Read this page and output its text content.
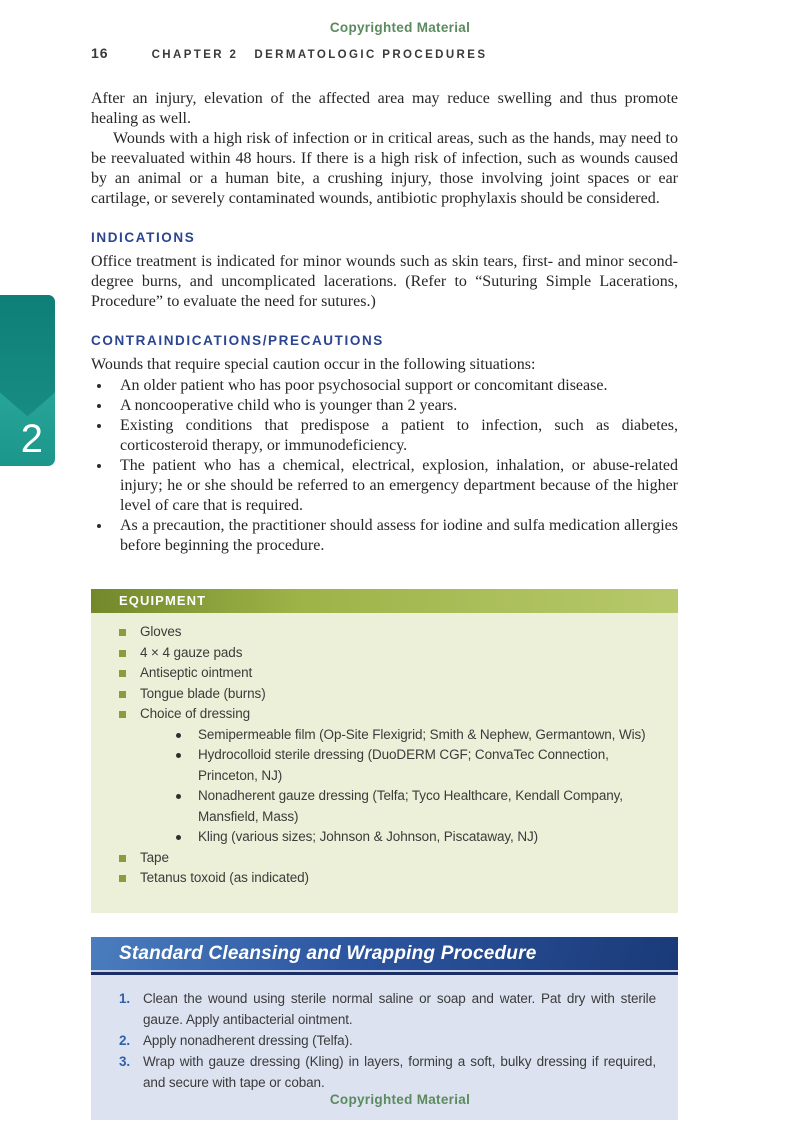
Copyrighted Material
16	CHAPTER 2 DERMATOLOGIC PROCEDURES
2

After an injury, elevation of the affected area may reduce swelling and thus promote healing as well.

Wounds with a high risk of infection or in critical areas, such as the hands, may need to be reevaluated within 48 hours. If there is a high risk of infection, such as wounds caused by an animal or a human bite, a crushing injury, those involving joint spaces or ear cartilage, or severely contaminated wounds, antibiotic prophylaxis should be considered.

INDICATIONS

Office treatment is indicated for minor wounds such as skin tears, first- and minor second-degree burns, and uncomplicated lacerations. (Refer to “Suturing Simple Lacerations, Procedure” to evaluate the need for sutures.)

CONTRAINDICATIONS/PRECAUTIONS

Wounds that require special caution occur in the following situations:

An older patient who has poor psychosocial support or concomitant disease.
A noncooperative child who is younger than 2 years.
Existing conditions that predispose a patient to infection, such as diabetes, corticosteroid therapy, or immunodeficiency.
The patient who has a chemical, electrical, explosion, inhalation, or abuse-related injury; he or she should be referred to an emergency department because of the higher level of care that is required.
As a precaution, the practitioner should assess for iodine and sulfa medication allergies before beginning the procedure.
EQUIPMENT
Gloves
4 × 4 gauze pads
Antiseptic ointment
Tongue blade (burns)
Choice of dressing
Semipermeable film (Op-Site Flexigrid; Smith & Nephew, Germantown, Wis)
Hydrocolloid sterile dressing (DuoDERM CGF; ConvaTec Connection, Princeton, NJ)
Nonadherent gauze dressing (Telfa; Tyco Healthcare, Kendall Company, Mansfield, Mass)
Kling (various sizes; Johnson & Johnson, Piscataway, NJ)
Tape
Tetanus toxoid (as indicated)
Standard Cleansing and Wrapping Procedure
1. Clean the wound using sterile normal saline or soap and water. Pat dry with sterile gauze. Apply antibacterial ointment.
2. Apply nonadherent dressing (Telfa).
3. Wrap with gauze dressing (Kling) in layers, forming a soft, bulky dressing if required, and secure with tape or coban.
Copyrighted Material
